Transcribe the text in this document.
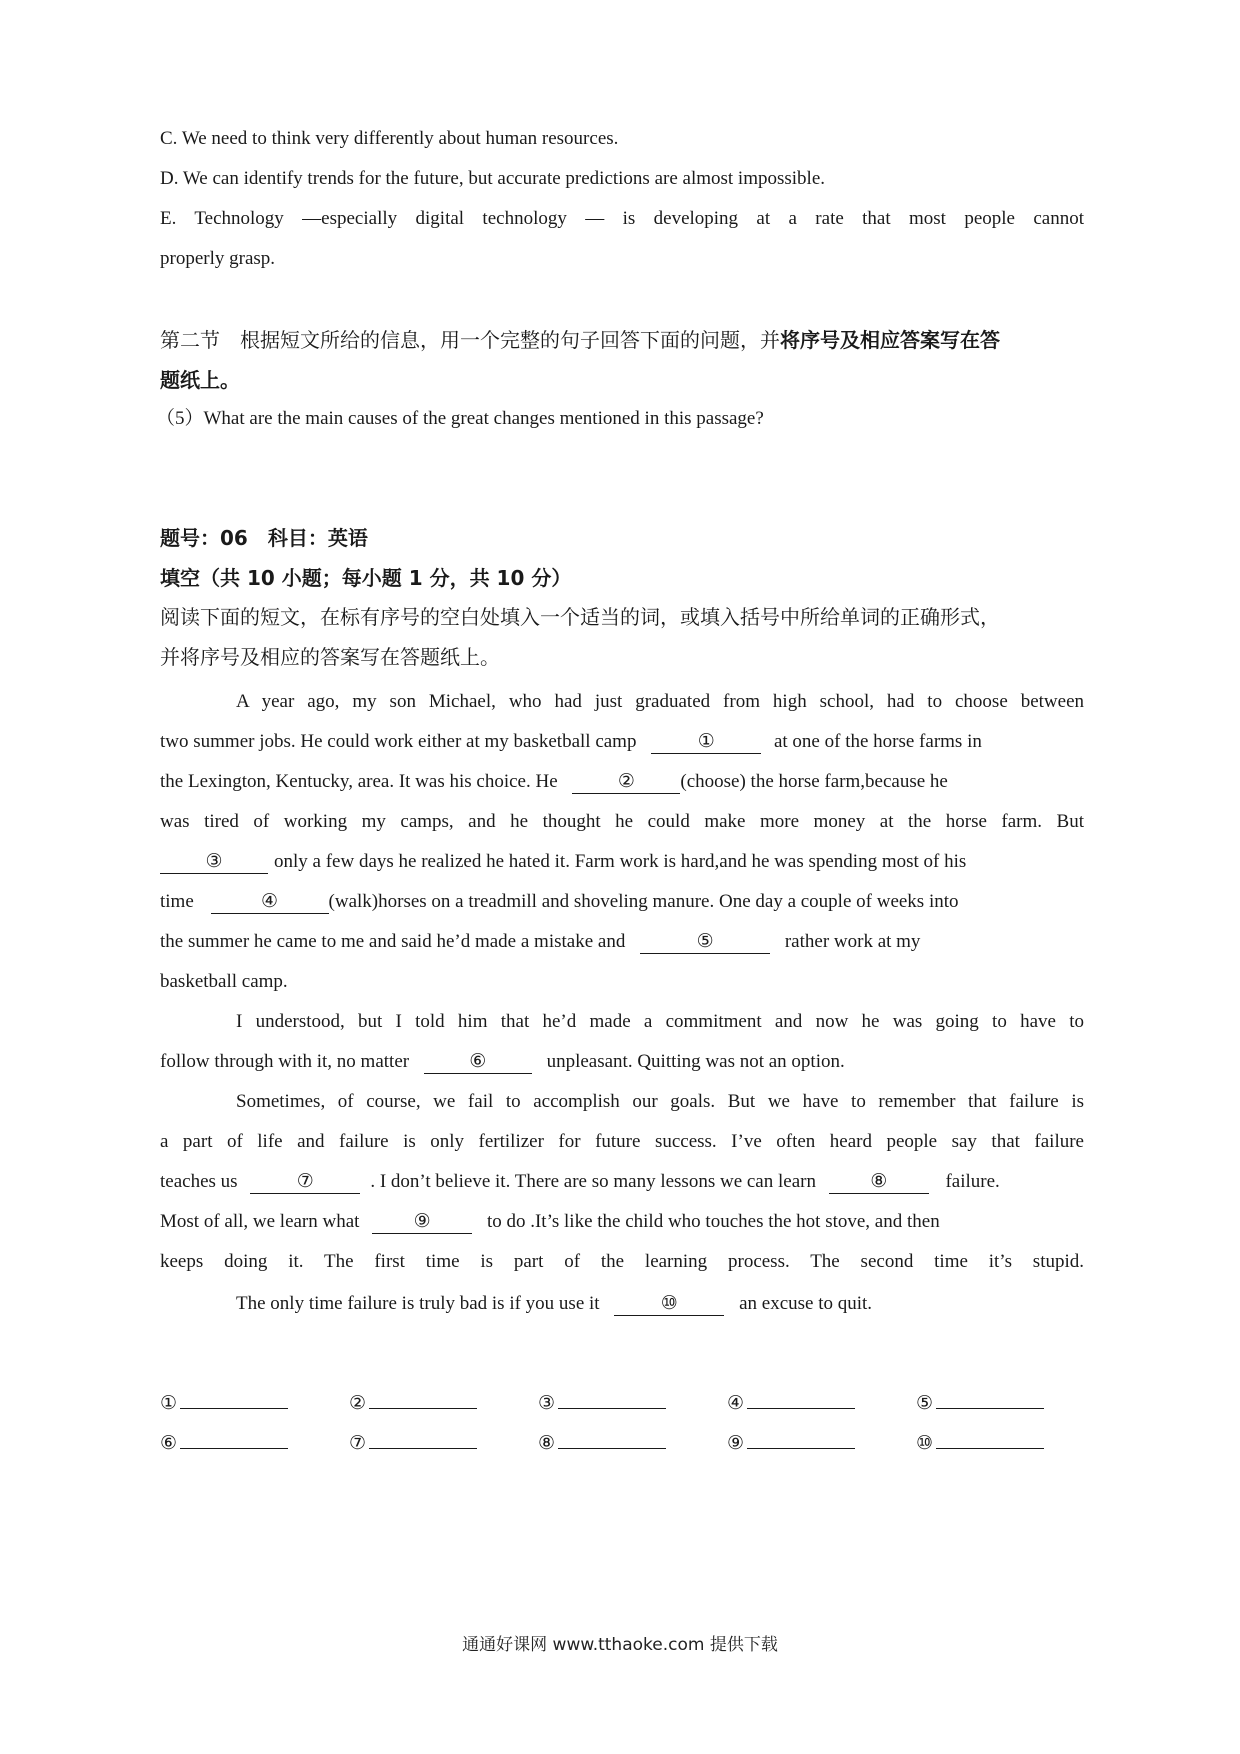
C. We need to think very differently about human resources.
D. We can identify trends for the future, but accurate predictions are almost impossible.
E. Technology —especially digital technology — is developing at a rate that most people cannot
properly grasp.
第二节　根据短文所给的信息，用一个完整的句子回答下面的问题，并将序号及相应答案写在答
题纸上。
（5）What are the main causes of the great changes mentioned in this passage?
题号：06　科目：英语
填空（共 10 小题；每小题 1 分，共 10 分）
阅读下面的短文，在标有序号的空白处填入一个适当的词，或填入括号中所给单词的正确形式，
并将序号及相应的答案写在答题纸上。
A year ago, my son Michael, who had just graduated from high school, had to choose between
two summer jobs. He could work either at my basketball camp	①	at one of the horse farms in
the Lexington, Kentucky, area. It was his choice. He	② (choose) the horse farm,because he
was tired of working my camps, and he thought he could make more money at the horse farm. But
③	only a few days he realized he hated it. Farm work is hard,and he was spending most of his
time	④	(walk)horses on a treadmill and shoveling manure. One day a couple of weeks into
the summer he came to me and said he’d made a mistake and	⑤	rather work at my
basketball camp.
I understood, but I told him that he’d made a commitment and now he was going to have to
follow through with it, no matter	⑥	unpleasant. Quitting was not an option.
Sometimes, of course, we fail to accomplish our goals. But we have to remember that failure is
a part of life and failure is only fertilizer for future success. I’ve often heard people say that failure
teaches us	⑦	. I don’t believe it. There are so many lessons we can learn	⑧	failure.
Most of all, we learn what	⑨	to do .It’s like the child who touches the hot stove, and then
keeps doing it. The first time is part of the learning process. The second time it’s stupid.
The only time failure is truly bad is if you use it	⑩	an excuse to quit.
①	②	③	④	⑤
⑥	⑦	⑧	⑨	⑩
通通好课网 www.tthaoke.com 提供下载
